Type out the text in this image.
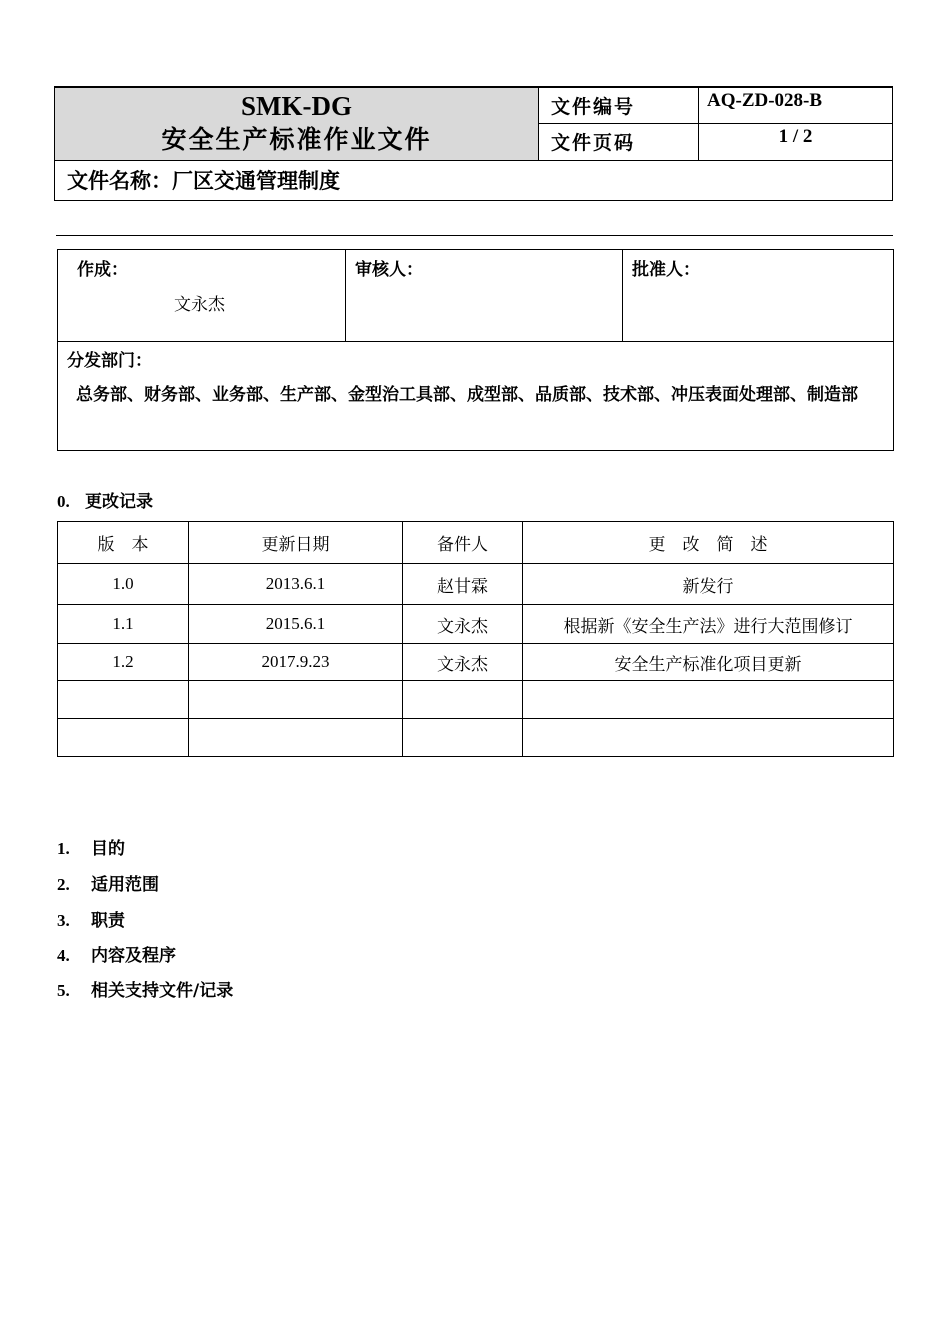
SMK-DG
安全生产标准作业文件	文件编号	AQ-ZD-028-B
	文件页码	1 / 2
文件名称：厂区交通管理制度		
作成：
文永杰

审核人：	批准人：

分发部门：
总务部、财务部、业务部、生产部、金型治工具部、成型部、品质部、技术部、冲压表面处理部、制造部
0. 更改记录
版　本	更新日期	备件人	更　改　简　述
1.0	2013.6.1	赵甘霖	新发行
1.1	2015.6.1	文永杰	根据新《安全生产法》进行大范围修订
1.2	2017.9.23	文永杰	安全生产标准化项目更新

1. 目的
2. 适用范围
3. 职责
4. 内容及程序
5. 相关支持文件/记录
